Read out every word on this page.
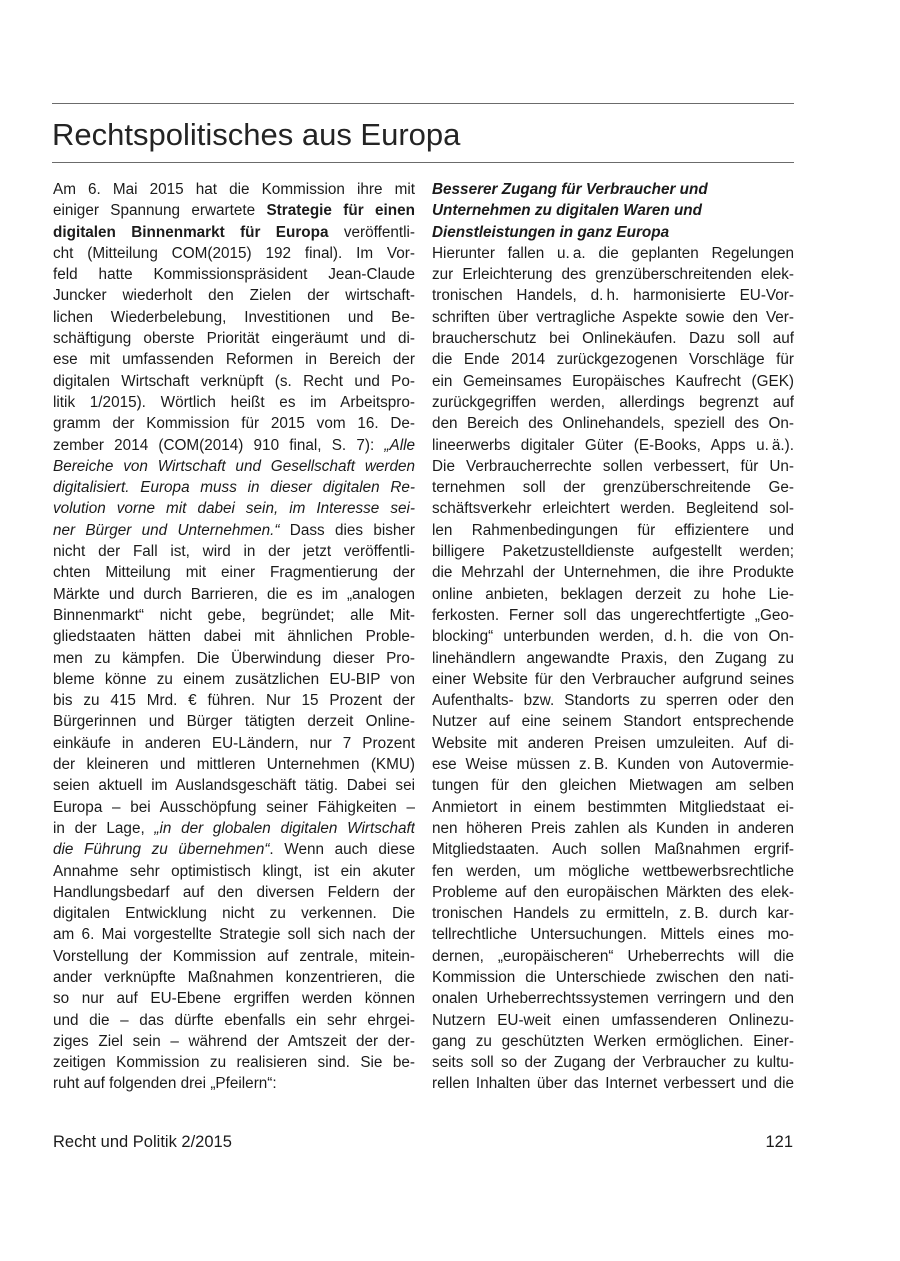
Rechtspolitisches aus Europa
Am 6. Mai 2015 hat die Kommission ihre mit
einiger Spannung erwartete Strategie für einen
digitalen Binnenmarkt für Europa veröffentli-
cht (Mitteilung COM(2015) 192 final). Im Vor-
feld hatte Kommissionspräsident Jean-Claude
Juncker wiederholt den Zielen der wirtschaft-
lichen Wiederbelebung, Investitionen und Be-
schäftigung oberste Priorität eingeräumt und di-
ese mit umfassenden Reformen in Bereich der
digitalen Wirtschaft verknüpft (s. Recht und Po-
litik 1/2015). Wörtlich heißt es im Arbeitspro-
gramm der Kommission für 2015 vom 16. De-
zember 2014 (COM(2014) 910 final, S. 7): „Alle
Bereiche von Wirtschaft und Gesellschaft werden
digitalisiert. Europa muss in dieser digitalen Re-
volution vorne mit dabei sein, im Interesse sei-
ner Bürger und Unternehmen.“ Dass dies bisher
nicht der Fall ist, wird in der jetzt veröffentli-
chten Mitteilung mit einer Fragmentierung der
Märkte und durch Barrieren, die es im „analogen
Binnenmarkt“ nicht gebe, begründet; alle Mit-
gliedstaaten hätten dabei mit ähnlichen Proble-
men zu kämpfen. Die Überwindung dieser Pro-
bleme könne zu einem zusätzlichen EU-BIP von
bis zu 415 Mrd. € führen. Nur 15 Prozent der
Bürgerinnen und Bürger tätigten derzeit Online-
einkäufe in anderen EU-Ländern, nur 7 Prozent
der kleineren und mittleren Unternehmen (KMU)
seien aktuell im Auslandsgeschäft tätig. Dabei sei
Europa – bei Ausschöpfung seiner Fähigkeiten –
in der Lage, „in der globalen digitalen Wirtschaft
die Führung zu übernehmen“. Wenn auch diese
Annahme sehr optimistisch klingt, ist ein akuter
Handlungsbedarf auf den diversen Feldern der
digitalen Entwicklung nicht zu verkennen. Die
am 6. Mai vorgestellte Strategie soll sich nach der
Vorstellung der Kommission auf zentrale, mitein-
ander verknüpfte Maßnahmen konzentrieren, die
so nur auf EU-Ebene ergriffen werden können
und die – das dürfte ebenfalls ein sehr ehrgei-
ziges Ziel sein – während der Amtszeit der der-
zeitigen Kommission zu realisieren sind. Sie be-
ruht auf folgenden drei „Pfeilern“:
Besserer Zugang für Verbraucher und
Unternehmen zu digitalen Waren und
Dienstleistungen in ganz Europa
Hierunter fallen u. a. die geplanten Regelungen
zur Erleichterung des grenzüberschreitenden elek-
tronischen Handels, d. h. harmonisierte EU-Vor-
schriften über vertragliche Aspekte sowie den Ver-
braucherschutz bei Onlinekäufen. Dazu soll auf
die Ende 2014 zurückgezogenen Vorschläge für
ein Gemeinsames Europäisches Kaufrecht (GEK)
zurückgegriffen werden, allerdings begrenzt auf
den Bereich des Onlinehandels, speziell des On-
lineerwerbs digitaler Güter (E-Books, Apps u. ä.).
Die Verbraucherrechte sollen verbessert, für Un-
ternehmen soll der grenzüberschreitende Ge-
schäftsverkehr erleichtert werden. Begleitend sol-
len Rahmenbedingungen für effizientere und
billigere Paketzustelldienste aufgestellt werden;
die Mehrzahl der Unternehmen, die ihre Produkte
online anbieten, beklagen derzeit zu hohe Lie-
ferkosten. Ferner soll das ungerechtfertigte „Geo-
blocking“ unterbunden werden, d. h. die von On-
linehändlern angewandte Praxis, den Zugang zu
einer Website für den Verbraucher aufgrund seines
Aufenthalts- bzw. Standorts zu sperren oder den
Nutzer auf eine seinem Standort entsprechende
Website mit anderen Preisen umzuleiten. Auf di-
ese Weise müssen z. B. Kunden von Autovermie-
tungen für den gleichen Mietwagen am selben
Anmietort in einem bestimmten Mitgliedstaat ei-
nen höheren Preis zahlen als Kunden in anderen
Mitgliedstaaten. Auch sollen Maßnahmen ergrif-
fen werden, um mögliche wettbewerbsrechtliche
Probleme auf den europäischen Märkten des elek-
tronischen Handels zu ermitteln, z. B. durch kar-
tellrechtliche Untersuchungen. Mittels eines mo-
dernen, „europäischeren“ Urheberrechts will die
Kommission die Unterschiede zwischen den nati-
onalen Urheberrechtssystemen verringern und den
Nutzern EU-weit einen umfassenderen Onlinezu-
gang zu geschützten Werken ermöglichen. Einer-
seits soll so der Zugang der Verbraucher zu kultu-
rellen Inhalten über das Internet verbessert und die
Recht und Politik 2/2015	121
